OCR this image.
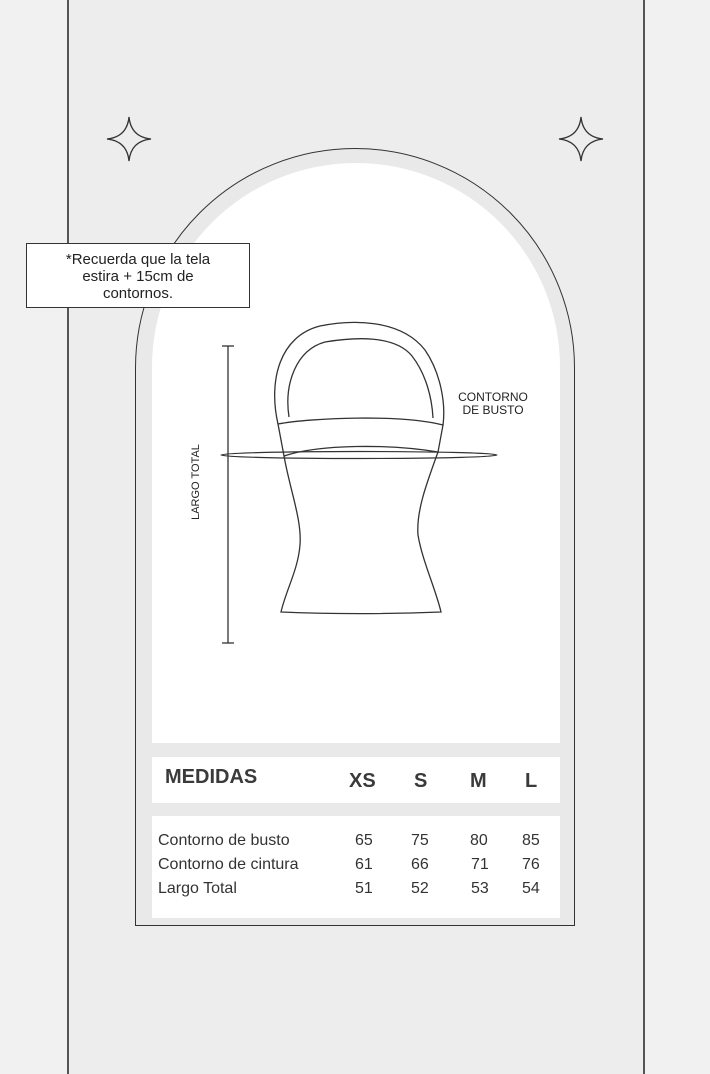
*Recuerda que la tela
estira + 15cm de
contornos.
CONTORNO
DE BUSTO
LARGO TOTAL
MEDIDAS	XS S M L
Contorno de busto	65 75	80 85
Contorno de cintura	61 66	71 76
Largo Total	51 52	53 54
